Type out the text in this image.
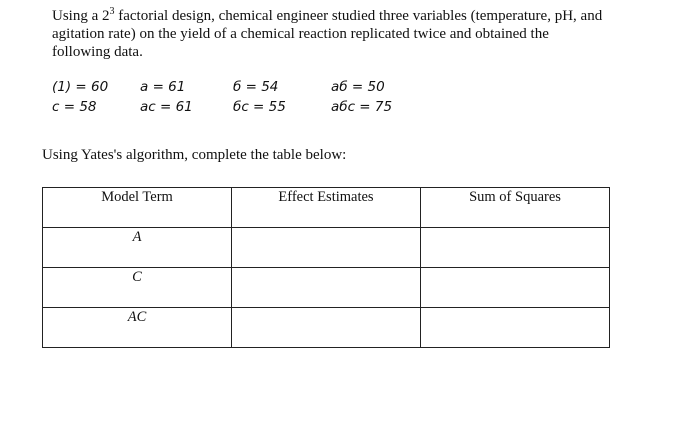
Using a $2^3$ factorial design, chemical engineer studied three variables (temperature, pH, and

agitation rate) on the yield of a chemical reaction replicated twice and obtained the

following data.

(1) = 60 a = 61	б = 54	aб = 50
c = 58	ac = 61	бc = 55	aбc = 75

Using Yates's algorithm, complete the table below:

Model Term	Effect Estimates	Sum of Squares
A		
C		
AC		
